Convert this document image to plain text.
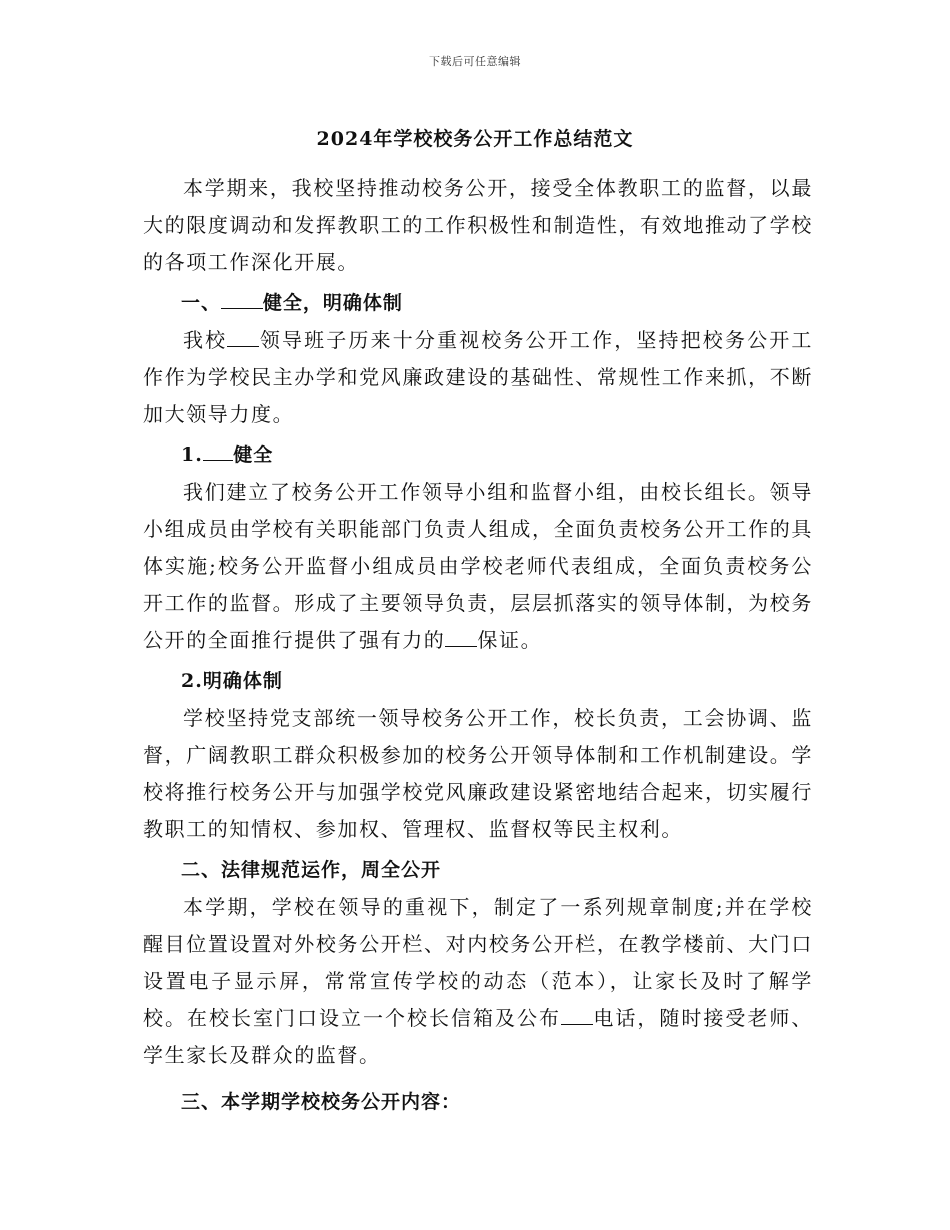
下载后可任意编辑
2024年学校校务公开工作总结范文

本学期来，我校坚持推动校务公开，接受全体教职工的监督，以最大的限度调动和发挥教职工的工作积极性和制造性，有效地推动了学校的各项工作深化开展。

一、 健全，明确体制

我校 领导班子历来十分重视校务公开工作，坚持把校务公开工作作为学校民主办学和党风廉政建设的基础性、常规性工作来抓，不断加大领导力度。

1. 健全

我们建立了校务公开工作领导小组和监督小组，由校长组长。领导小组成员由学校有关职能部门负责人组成，全面负责校务公开工作的具体实施;校务公开监督小组成员由学校老师代表组成，全面负责校务公开工作的监督。形成了主要领导负责，层层抓落实的领导体制，为校务公开的全面推行提供了强有力的 保证。

2.明确体制

学校坚持党支部统一领导校务公开工作，校长负责，工会协调、监督，广阔教职工群众积极参加的校务公开领导体制和工作机制建设。学校将推行校务公开与加强学校党风廉政建设紧密地结合起来，切实履行教职工的知情权、参加权、管理权、监督权等民主权利。

二、法律规范运作，周全公开

本学期，学校在领导的重视下，制定了一系列规章制度;并在学校醒目位置设置对外校务公开栏、对内校务公开栏，在教学楼前、大门口设置电子显示屏，常常宣传学校的动态（范本），让家长及时了解学校。在校长室门口设立一个校长信箱及公布 电话，随时接受老师、学生家长及群众的监督。

三、本学期学校校务公开内容：
